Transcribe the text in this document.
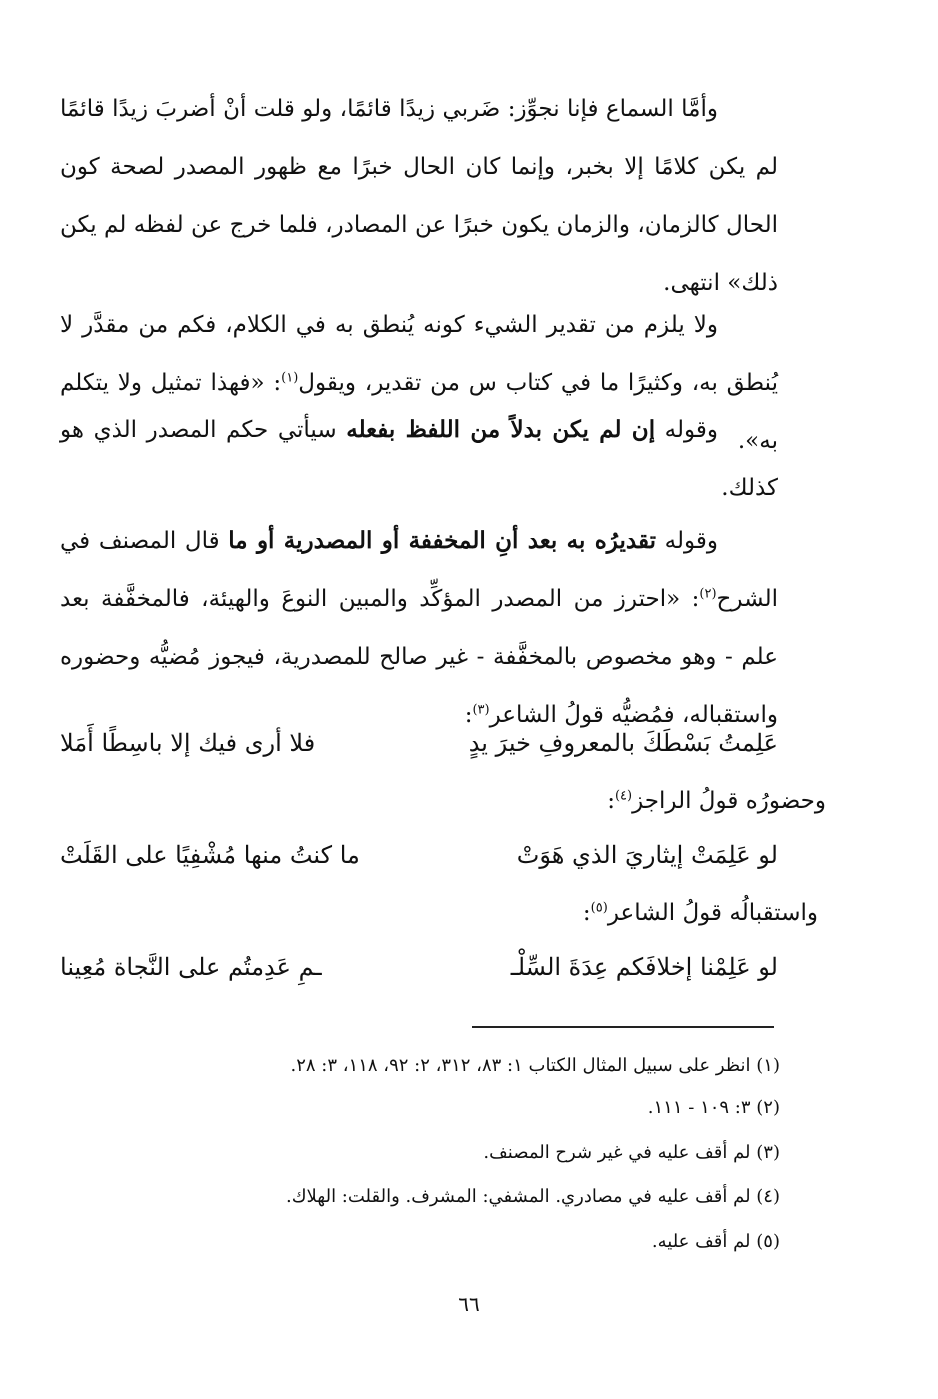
وأمَّا السماع فإنا نجوِّز: ضَربي زيدًا قائمًا، ولو قلت أنْ أضربَ زيدًا قائمًا لم يكن كلامًا إلا بخبر، وإنما كان الحال خبرًا مع ظهور المصدر لصحة كون الحال كالزمان، والزمان يكون خبرًا عن المصادر، فلما خرج عن لفظه لم يكن ذلك» انتهى.

ولا يلزم من تقدير الشيء كونه يُنطق به في الكلام، فكم من مقدَّر لا يُنطق به، وكثيرًا ما في كتاب س من تقدير، ويقول$^{(١)}$: «فهذا تمثيل ولا يتكلم به».

وقوله إن لم يكن بدلاً من اللفظ بفعله سيأتي حكم المصدر الذي هو كذلك.

وقوله تقديرُه به بعد أنِ المخففة أو المصدرية أو ما قال المصنف في الشرح$^{(٢)}$: «احترز من المصدر المؤكِّد والمبين النوعَ والهيئة، فالمخفَّفة بعد علم - وهو مخصوص بالمخفَّفة - غير صالح للمصدرية، فيجوز مُضيُّه وحضوره واستقباله، فمُضيُّه قولُ الشاعر$^{(٣)}$:

عَلِمتُ بَسْطَكَ بالمعروفِ خيرَ يدٍ
فلا أرى فيك إلا باسِطًا أَمَلا
وحضورُه قولُ الراجز$^{(٤)}$:
لو عَلِمَتْ إيثاريَ الذي هَوَتْ
ما كنتُ منها مُشْفِيًا على القَلَتْ
واستقبالُه قولُ الشاعر$^{(٥)}$:
لو عَلِمْنا إخلافَكم عِدَةَ السِّلْـ
ـمِ عَدِمتُم على النَّجاة مُعِينا
(١) انظر على سبيل المثال الكتاب ١: ٨٣، ٣١٢، ٢: ٩٢، ١١٨، ٣: ٢٨.
(٢) ٣: ١٠٩ - ١١١.
(٣) لم أقف عليه في غير شرح المصنف.
(٤) لم أقف عليه في مصادري. المشفي: المشرف. والقلت: الهلاك.
(٥) لم أقف عليه.
٦٦
